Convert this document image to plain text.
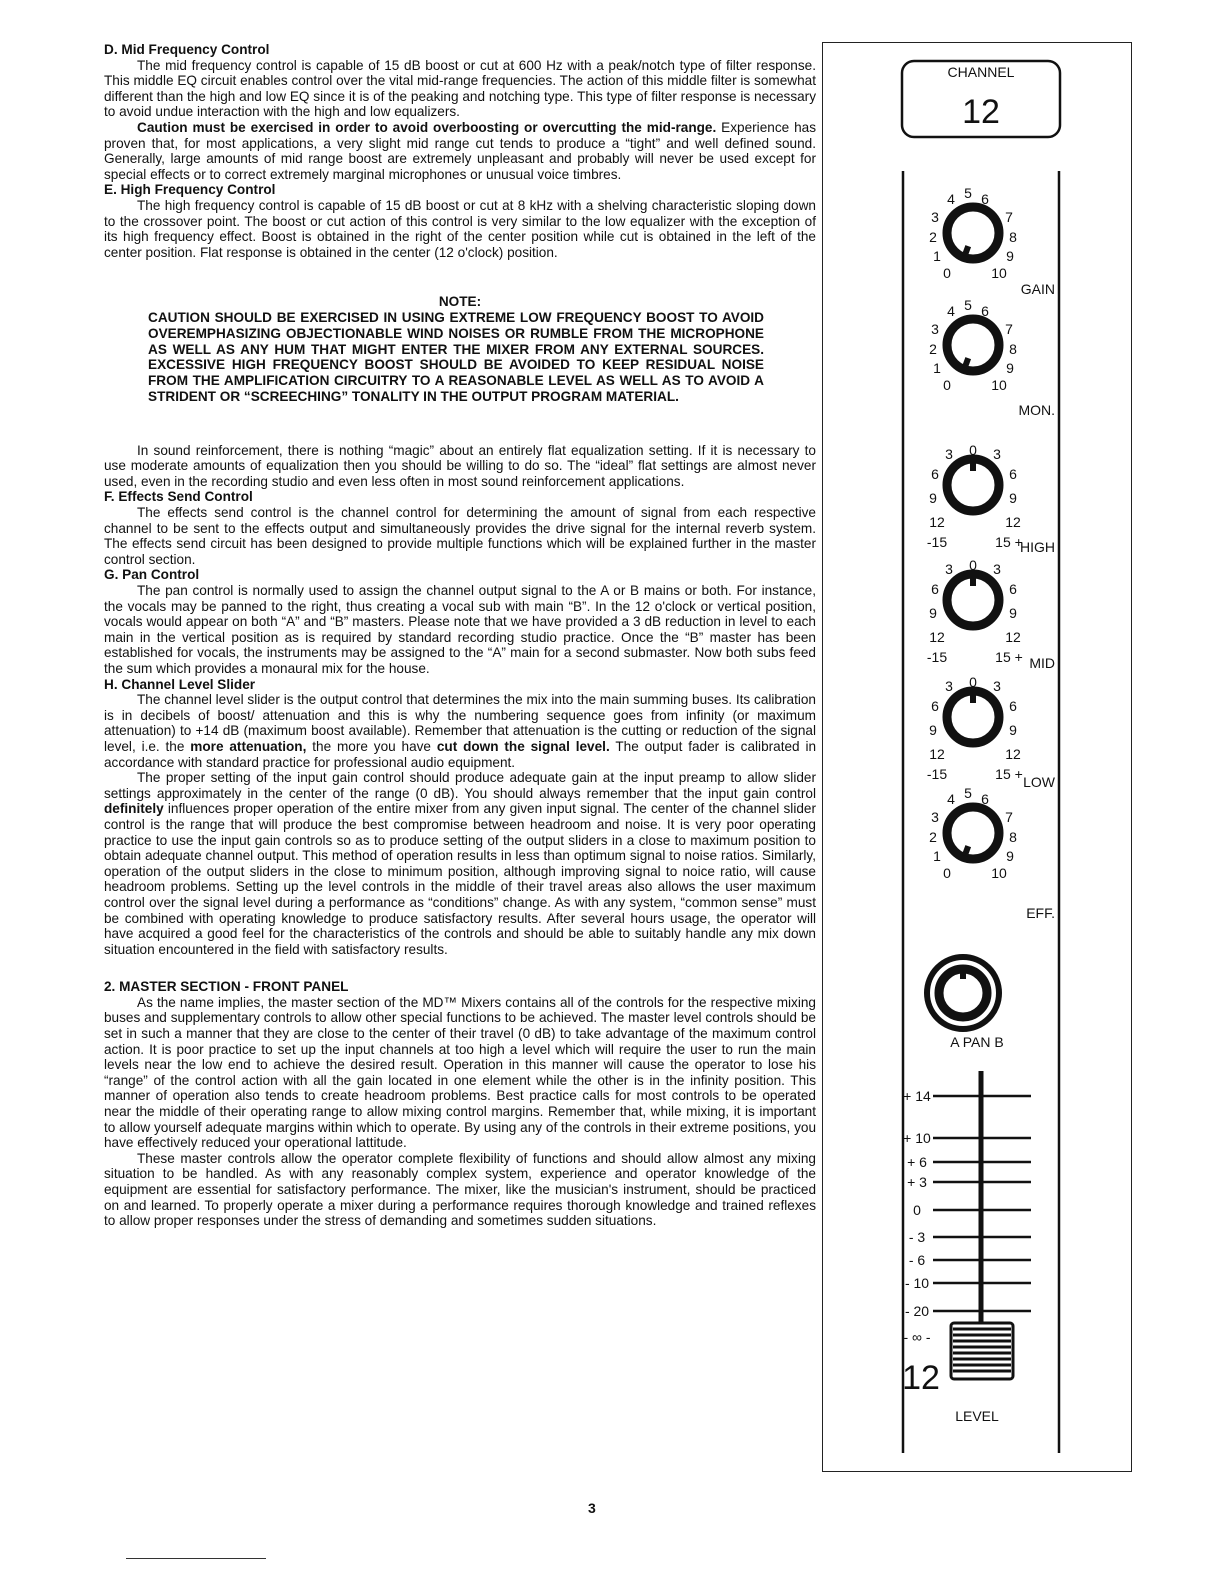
D. Mid Frequency Control

The mid frequency control is capable of 15 dB boost or cut at 600 Hz with a peak/notch type of filter response. This middle EQ circuit enables control over the vital mid-range frequencies. The action of this middle filter is somewhat different than the high and low EQ since it is of the peaking and notching type. This type of filter response is necessary to avoid undue interaction with the high and low equalizers.

Caution must be exercised in order to avoid overboosting or overcutting the mid-range. Experience has proven that, for most applications, a very slight mid range cut tends to produce a “tight” and well defined sound. Generally, large amounts of mid range boost are extremely unpleasant and probably will never be used except for special effects or to correct extremely marginal microphones or unusual voice timbres.

E. High Frequency Control

The high frequency control is capable of 15 dB boost or cut at 8 kHz with a shelving characteristic sloping down to the crossover point. The boost or cut action of this control is very similar to the low equalizer with the exception of its high frequency effect. Boost is obtained in the right of the center position while cut is obtained in the left of the center position. Flat response is obtained in the center (12 o'clock) position.

NOTE:

CAUTION SHOULD BE EXERCISED IN USING EXTREME LOW FREQUENCY BOOST TO AVOID OVEREMPHASIZING OBJECTIONABLE WIND NOISES OR RUMBLE FROM THE MICROPHONE AS WELL AS ANY HUM THAT MIGHT ENTER THE MIXER FROM ANY EXTERNAL SOURCES. EXCESSIVE HIGH FREQUENCY BOOST SHOULD BE AVOIDED TO KEEP RESIDUAL NOISE FROM THE AMPLIFICATION CIRCUITRY TO A REASONABLE LEVEL AS WELL AS TO AVOID A STRIDENT OR “SCREECHING” TONALITY IN THE OUTPUT PROGRAM MATERIAL.

In sound reinforcement, there is nothing “magic” about an entirely flat equalization setting. If it is necessary to use moderate amounts of equalization then you should be willing to do so. The “ideal” flat settings are almost never used, even in the recording studio and even less often in most sound reinforcement applications.

F. Effects Send Control

The effects send control is the channel control for determining the amount of signal from each respective channel to be sent to the effects output and simultaneously provides the drive signal for the internal reverb system. The effects send circuit has been designed to provide multiple functions which will be explained further in the master control section.

G. Pan Control

The pan control is normally used to assign the channel output signal to the A or B mains or both. For instance, the vocals may be panned to the right, thus creating a vocal sub with main “B”. In the 12 o'clock or vertical position, vocals would appear on both “A” and “B” masters. Please note that we have provided a 3 dB reduction in level to each main in the vertical position as is required by standard recording studio practice. Once the “B” master has been established for vocals, the instruments may be assigned to the “A” main for a second submaster. Now both subs feed the sum which provides a monaural mix for the house.

H. Channel Level Slider

The channel level slider is the output control that determines the mix into the main summing buses. Its calibration is in decibels of boost/ attenuation and this is why the numbering sequence goes from infinity (or maximum attenuation) to +14 dB (maximum boost available). Remember that attenuation is the cutting or reduction of the signal level, i.e. the more attenuation, the more you have cut down the signal level. The output fader is calibrated in accordance with standard practice for professional audio equipment.

The proper setting of the input gain control should produce adequate gain at the input preamp to allow slider settings approximately in the center of the range (0 dB). You should always remember that the input gain control definitely influences proper operation of the entire mixer from any given input signal. The center of the channel slider control is the range that will produce the best compromise between headroom and noise. It is very poor operating practice to use the input gain controls so as to produce setting of the output sliders in a close to maximum position to obtain adequate channel output. This method of operation results in less than optimum signal to noise ratios. Similarly, operation of the output sliders in the close to minimum position, although improving signal to noice ratio, will cause headroom problems. Setting up the level controls in the middle of their travel areas also allows the user maximum control over the signal level during a performance as “conditions” change. As with any system, “common sense” must be combined with operating knowledge to produce satisfactory results. After several hours usage, the operator will have acquired a good feel for the characteristics of the controls and should be able to suitably handle any mix down situation encountered in the field with satisfactory results.

2. MASTER SECTION - FRONT PANEL

As the name implies, the master section of the MD™ Mixers contains all of the controls for the respective mixing buses and supplementary controls to allow other special functions to be achieved. The master level controls should be set in such a manner that they are close to the center of their travel (0 dB) to take advantage of the maximum control action. It is poor practice to set up the input channels at too high a level which will require the user to run the main levels near the low end to achieve the desired result. Operation in this manner will cause the operator to lose his “range” of the control action with all the gain located in one element while the other is in the infinity position. This manner of operation also tends to create headroom problems. Best practice calls for most controls to be operated near the middle of their operating range to allow mixing control margins. Remember that, while mixing, it is important to allow yourself adequate margins within which to operate. By using any of the controls in their extreme positions, you have effectively reduced your operational lattitude.

These master controls allow the operator complete flexibility of functions and should allow almost any mixing situation to be handled. As with any reasonably complex system, experience and operator knowledge of the equipment are essential for satisfactory performance. The mixer, like the musician's instrument, should be practiced on and learned. To properly operate a mixer during a performance requires thorough knowledge and trained reflexes to allow proper responses under the stress of demanding and sometimes sudden situations.

3
CHANNEL
12
0
1
2
3
4 5 6
7
8
9
10
GAIN
0
1
2
3
4 5 6
7
8
9
10
MON.
0
3
6
9
12
3
6
9
12
-15	15 +
HIGH
0
3
6
9
12
3
6
9
12
-15	15 + MID
0
3
6
9
12
3
6
9
12
-15	15 + LOW
0
1
2
3
4 5 6
7
8
9
10
EFF.
A PAN B
+ 14
+ 10
+ 6
+ 3
0
- 3
- 6
- 10
- 20
- ∞ -
12
LEVEL
